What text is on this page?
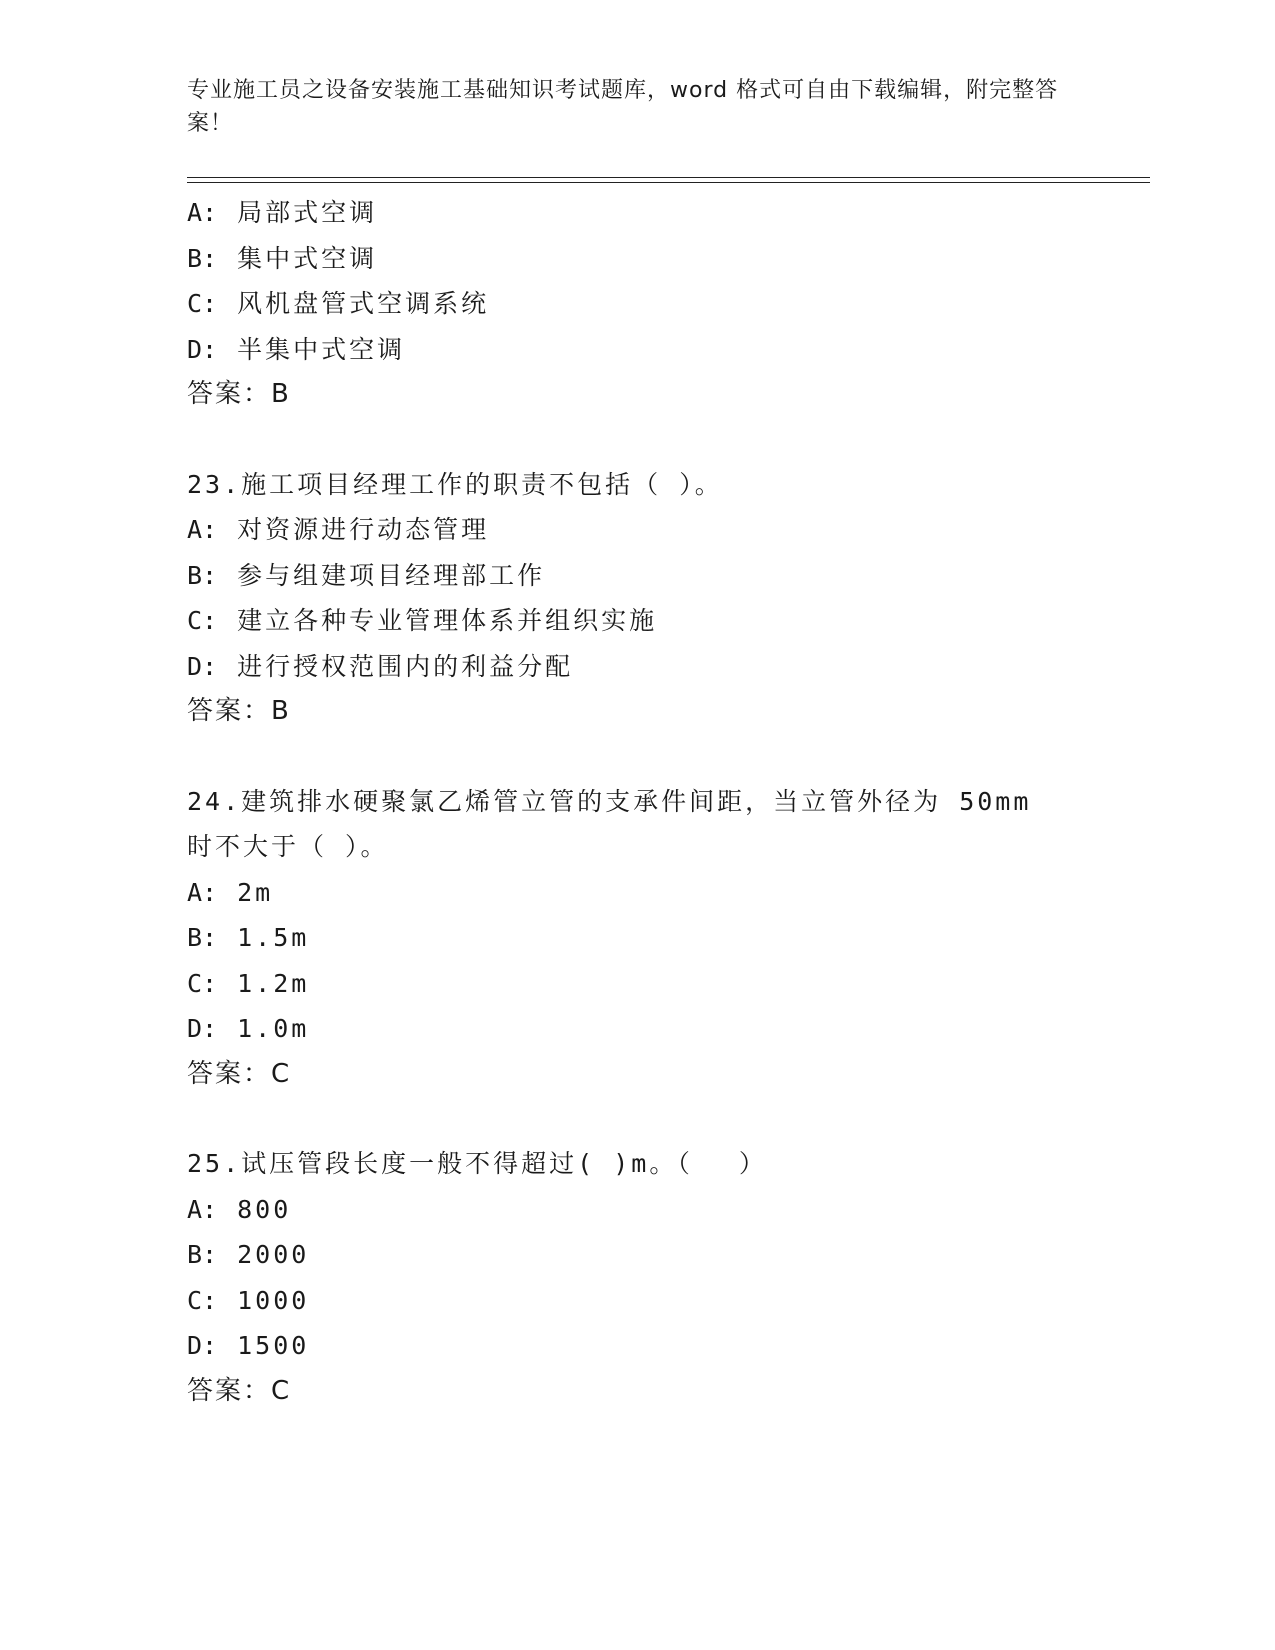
专业施工员之设备安装施工基础知识考试题库，word 格式可自由下载编辑，附完整答案！
A: 局部式空调
B: 集中式空调
C: 风机盘管式空调系统
D: 半集中式空调
答案：B
23.施工项目经理工作的职责不包括（ ）。
A: 对资源进行动态管理
B: 参与组建项目经理部工作
C: 建立各种专业管理体系并组织实施
D: 进行授权范围内的利益分配
答案：B
24.建筑排水硬聚氯乙烯管立管的支承件间距，当立管外径为 50mm 时不大于（ ）。
A: 2m
B: 1.5m
C: 1.2m
D: 1.0m
答案：C
25.试压管段长度一般不得超过( )m。（　 ）
A: 800
B: 2000
C: 1000
D: 1500
答案：C
